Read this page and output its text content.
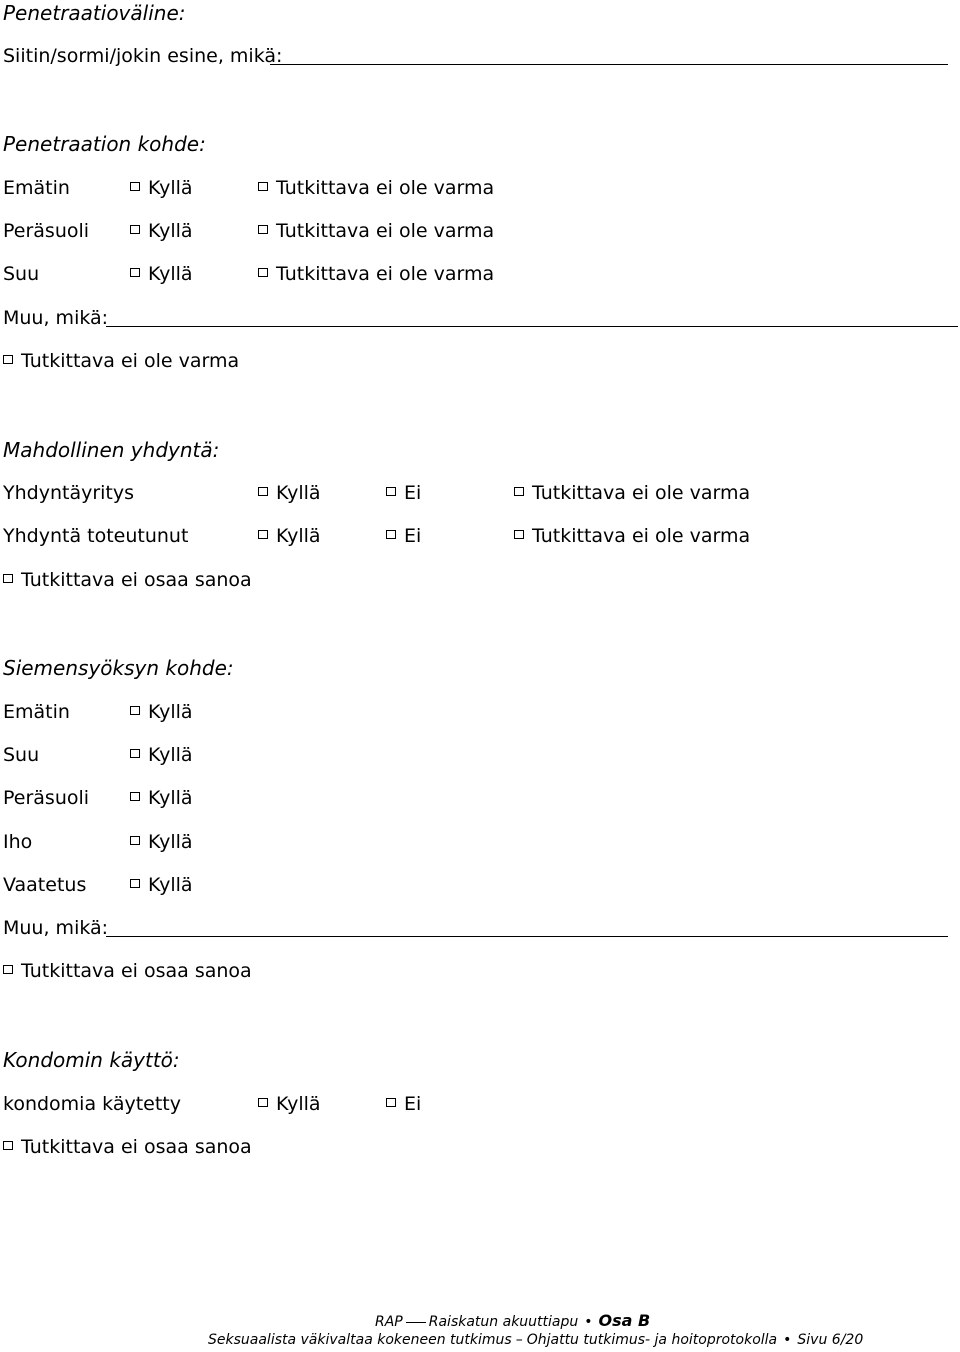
Penetraatioväline:
Siitin/sormi/jokin esine, mikä:
Penetraation kohde:
Emätin	Kyllä	Tutkittava ei ole varma
Peräsuoli	Kyllä	Tutkittava ei ole varma
Suu	Kyllä	Tutkittava ei ole varma
Muu, mikä:
Tutkittava ei ole varma
Mahdollinen yhdyntä:
Yhdyntäyritys	Kyllä	Ei	Tutkittava ei ole varma
Yhdyntä toteutunut	Kyllä	Ei	Tutkittava ei ole varma
Tutkittava ei osaa sanoa
Siemensyöksyn kohde:
Emätin	Kyllä
Suu	Kyllä
Peräsuoli	Kyllä
Iho	Kyllä
Vaatetus	Kyllä
Muu, mikä:
Tutkittava ei osaa sanoa
Kondomin käyttö:
kondomia käytetty	Kyllä	Ei
Tutkittava ei osaa sanoa
RAP Raiskatun akuuttiapu • Osa B
Seksuaalista väkivaltaa kokeneen tutkimus – Ohjattu tutkimus- ja hoitoprotokolla • Sivu 6/20
